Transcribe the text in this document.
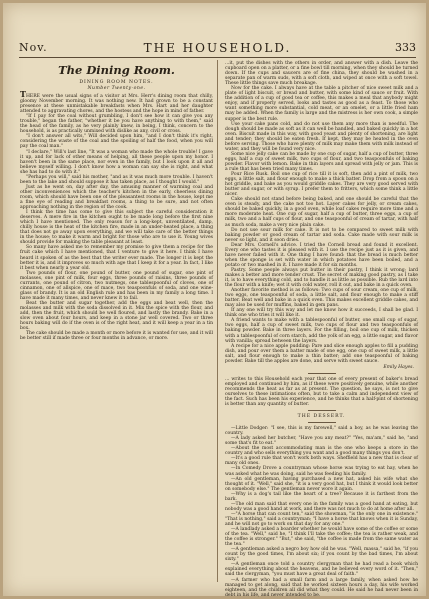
Nov.	THE HOUSEHOLD.	333
The Dining Room.
DINING ROOM NOTES.
Number Twenty-one.

THERE were the usual signs of a visitor at Mrs. Herr's dining room that chilly, gloomy November morning. It was nothing new. It had grown to be a constant presence at these unmistakable breakfasts when Mrs. Hart and her daughter attended to aggravating chores, and the hostess and the hope in mind of father.

"If I pay for the coal without grumbling, I don't see how it can give you any trouble," began the father, "whether it be you have anything to with them," said the head of the family, as he very plainly knew, in being, I think, concern to the household, is as practically unmixed with dislike as any, civil or cross.

"I don't answer all wits," Will decided upon him, "and I don't think it's right, considering the waste of the coal and the spoiling of half the food, when you will pay the coal man."

"I declare," Will's last line, "It was a woman who made the whole trouble! I gave it up, and for lack of other means of helping, all these people upon my honor. I haven't been in the same place, nor even in the family, but I look upon it all and believe myself willing. I don't know how a woman can say she is right, and what she has had to do with it."

"Perhaps you will," said his mother, "and as it was much more trouble. I haven't been to the lake and should suppose it has taken place, as I thought I would."

Just as he went on, day after day, the amusing manner of warming coal and other inconveniences which the teacher's kitchen in the early, cheerless dining room, which should have been one of the pleasantest rooms in the house, kept me a fine eye of reading and breakfast rooms, a thing to be sure, and not often approaching nothing in the region of the cook.

I think the time has come to give this subject the careful consideration it deserves. A mere fire in the kitchen ought to be made long before the first nine which I have mentioned. The only reason for a long-kept, unventilated, damp, chilly house is the heat of the kitchen fire, made in an under-heated place, a thing that does not go away upon everything, and we will take care of the better things in the house; to make it warm and bright for those who are to use it. Young wives should provide for making the table pleasant at least.

So many have asked me to remember my promise to give them a recipe for the fruit cake which I have mentioned, that I venture to give it here. I think I have heard it spoken of as the best that the writer ever made. The longer it is kept the better it is, and it improves so much with age that I keep it for a year. In fact, I like it best when nearly a year old.

Two pounds of flour, one pound of butter, one pound of sugar, one pint of molasses, one pint of milk, four eggs, three pounds of raisins, three pounds of currants, one pound of citron, two nutmegs, one tablespoonful of cloves, one of cinnamon, one of allspice, one of mace, two teaspoonfuls of soda, and one wine-glass of brandy. It is an old English rule and has been in my family a long time. I have made it many times, and never knew it to fail.

Beat the butter and sugar together, add the eggs and beat well, then the molasses and milk with the soda dissolved in it. Mix the spice with the flour, and add, then the fruit, which should be well floured, and lastly the brandy. Bake in a slow oven about four hours, and keep in a stone jar well covered. Two or three hours baking will do if the oven is of the right heat, and it will keep a year in a tin box.

The cake should be made a month or more before it is wanted for use, and it will be better still if made three or four months in advance, or more.

...it, put the dishes with the others in order, and answer with a dish. Leave the cupboard open on a platter, or a fine bowl till morning, when they should be turned down. If the cups and saucers are of fine china, they should be washed in a separate pan of warm suds, with a soft cloth, and wiped at once with a soft towel. These little things save much breakage.

Now for the cake. I always have at the table a pitcher of nice sweet milk and a plate of light biscuit, or bread and butter, with some kind of sauce or fruit. With the addition of a cup of good tea or coffee, this makes a meal that anybody might enjoy, and if properly served, looks and tastes as good as a feast. To those who want something more substantial, cold meat, or an omelet, or a little fried ham may be added. When the family is large and the mistress is her own cook, a simple supper is the best rule.

Use your cake pans cold, and do not use them any more than is needful. The dough should be made as soft as it can well be handled, and baked quickly in a hot oven. Biscuit made in this way, with good yeast and plenty of shortening, are light and tender; they should be eaten fresh. If kept, they may be heated in the oven before serving. Those who have plenty of milk may make them with milk instead of water, and they will be found very nice.

Some nice jelly cake can be made by one cup of sugar, half a cup of butter, three eggs, half a cup of sweet milk, two cups of flour, and two teaspoonfuls of baking powder. Flavor with lemon. Bake in thin layers and spread with jelly or jam. This is a rule that has been tried many times.

Pour Rice Rusk. Boil one cup of rice till it is soft, then add a pint of milk, two eggs, a little salt, and flour enough to make a thick batter. Drop from a spoon on a hot griddle, and bake as you would griddle cakes. They are very good served with butter and sugar, or with syrup. I prefer them to fritters, which some think a little nicer.

Cake should not stand before being baked, and one should be careful that the oven is steady, and the cake not too hot. Layer cakes for jelly, or cream cakes, should be baked quickly, in a good oven, while loaf cakes require more time and a more moderate heat. One cup of sugar, half a cup of butter, three eggs, a cup of milk, two and a half cups of flour, and one teaspoonful of cream of tartar, with half as much soda, make a very nice plain cake.

Do not use sour milk for cake. It is not to be compared to sweet milk with baking powder or good cream of tartar and soda. Cake made with sour milk is never so light, and it soon dries.

Dear Mrs. Cornell's advice. I tried the Cornell bread and found it excellent. Every one who tastes it is pleased with it. I use the recipe just as it is given, and have never failed with it. One thing I have found: that the bread is much better when the sponge is set with water in which potatoes have been boiled, and a potato or two mashed in it. I have made it for six months.

Pastry. Some people always put butter in their pastry, I think it wrong; lard makes a better and more tender crust. The secret of making good pastry, as I take it, is to have everything cold, and to handle it as little as possible. Rub the lard into the flour with a knife; wet it with cold water, roll it out, and bake in a quick oven.

Another favorite method is as follows: Two cups of sour cream, one cup of milk, two eggs, one teaspoonful of soda, a little salt, and flour enough to make a stiff batter. Beat well and bake in a quick oven. This makes excellent griddle cakes, and may also be used for muffins, baked in gem pans.

If any one will try this way and let me know how it succeeds, I shall be glad. I think one who tries it will like it.

A friend wants to make with a tablespoonful of butter, one small cup of sugar, two eggs, half a cup of sweet milk, two cups of flour and two teaspoonfuls of baking powder. Bake in three layers. For the filling, boil one cup of milk, thicken with a tablespoonful of corn starch, add the yolk of an egg, a little sugar, and flavor with vanilla; spread between the layers.

A recipe for a nice apple pudding: Pare and slice enough apples to fill a pudding dish, and pour over them a batter made of one egg, one cup of sweet milk, a little salt, and flour enough to make a thin batter; add one teaspoonful of baking powder. Bake till the apples are done, and serve with sweet sauce.

Emily Hayes.

... writes to this Household each year that one of every present of baker's bread employed and continued by him, as if these were positively genuine, while another recommends the heat as far as at present. The question, he says, is not to give ourselves to these intimations often, but to take a calm and independent view of the fact. Such has been his experience, and he thinks that a half-pint of shortening is better than any quantity of butter.

THE DESSERT.

—Little Dodger: "I see, this is my farewell," said a boy, as he was leaving the country.

—A lady asked her butcher, "Have you any meat?" "Yes, ma'am," said he, "and some that's fit to eat."

—About the most accommodating man is the one who keeps a store in the country and who sells everything you want and a good many things you don't.

—It's a good rule that won't work both ways. Sheffield has a new that is clear of many old ones.

—In Comedy Drove a countryman whose horse was trying to eat hay, when he was asked what he was doing, said he was feeding his family.

—An old gentleman, having purchased a new hat, asked his wife what she thought of it. "Well," said she, "it is a very good hat, but I think it would look better on somebody else." The gentleman never wore it again.

—Why is a dog's tail like the heart of a tree? Because it is farthest from the bark.

—The old man said that every one in the family was a good hand at eating, but nobody was a good hand at work, and there was not much to do at home after all.

—"A horse that can count ten," said the showman, "is the only one in existence." "That is nothing," said a countryman; "I have a horse that knows when it is Sunday, and he will not go to work on that day for any one."

—A landlady asked a boarder whether he would have some of the coffee or some of the tea. "Well," said he, "I think I'll take the coffee; the tea is rather weak, and the coffee is stronger." "But," she said, "the coffee is made from the same water as the tea."

—A gentleman asked a negro boy how old he was. "Well, massa," said he, "if you count by the good times, I'm about six; if you count by the bad times, I'm about sixty."

—A gentleman once told a country clergyman that he had read a book which explained everything about the heavens, and he believed every word of it. "Then," said the clergyman, "you must have a great deal of faith."

—A farmer who had a small farm and a large family, when asked how he managed to get along, said that he worked sixteen hours a day, his wife worked eighteen, and the children all did what they could. He said he had never been in debt in his life, and never intended to be.
